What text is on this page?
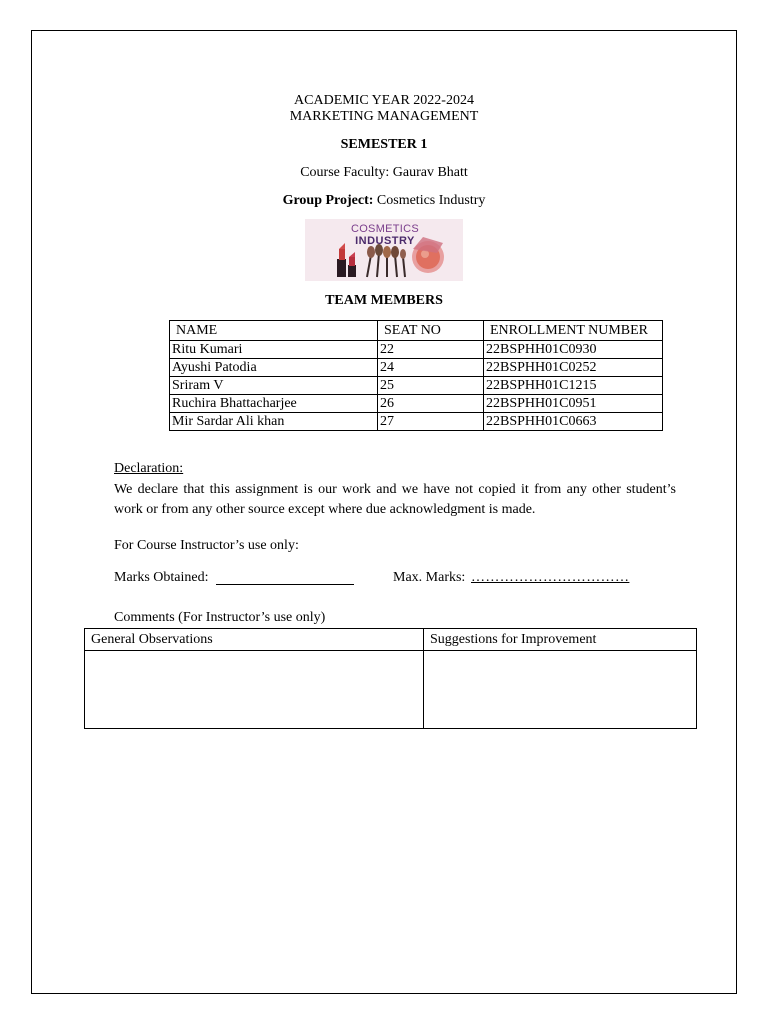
ACADEMIC YEAR 2022-2024
MARKETING MANAGEMENT
SEMESTER 1
Course Faculty: Gaurav Bhatt
Group Project: Cosmetics Industry
COSMETICS
INDUSTRY
TEAM MEMBERS
NAME	SEAT NO	ENROLLMENT NUMBER
Ritu Kumari	22	22BSPHH01C0930
Ayushi Patodia	24	22BSPHH01C0252
Sriram V	25	22BSPHH01C1215
Ruchira Bhattacharjee	26	22BSPHH01C0951
Mir Sardar Ali khan	27	22BSPHH01C0663
Declaration:
We declare that this assignment is our work and we have not copied it from any other student’s work or from any other source except where due acknowledgment is made.
For Course Instructor’s use only:
Marks Obtained:	Max. Marks: ……………………………
Comments (For Instructor’s use only)
General Observations	Suggestions for Improvement
